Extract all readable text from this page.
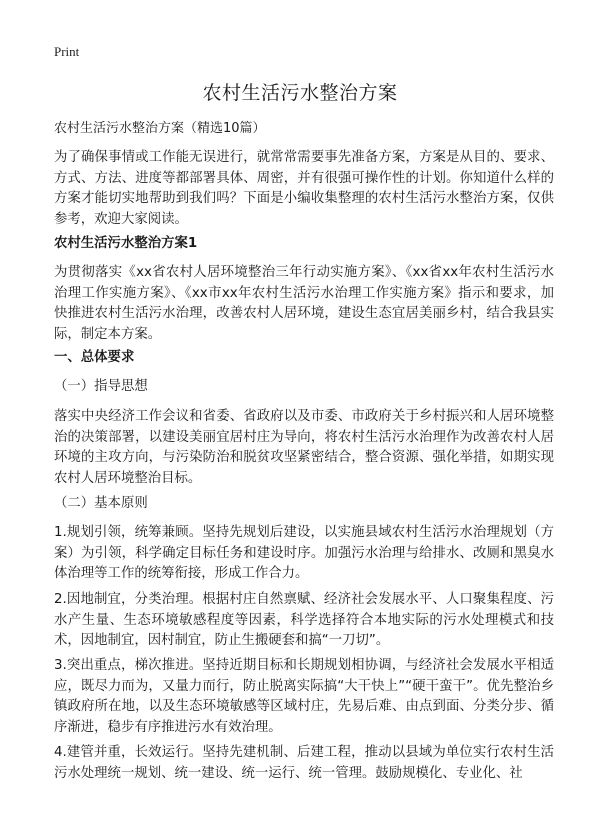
Print
农村生活污水整治方案

农村生活污水整治方案（精选10篇）

为了确保事情或工作能无误进行，就常常需要事先准备方案，方案是从目的、要求、方式、方法、进度等都部署具体、周密，并有很强可操作性的计划。你知道什么样的方案才能切实地帮助到我们吗？下面是小编收集整理的农村生活污水整治方案，仅供参考，欢迎大家阅读。

农村生活污水整治方案1

为贯彻落实《xx省农村人居环境整治三年行动实施方案》、《xx省xx年农村生活污水治理工作实施方案》、《xx市xx年农村生活污水治理工作实施方案》指示和要求，加快推进农村生活污水治理，改善农村人居环境，建设生态宜居美丽乡村，结合我县实际，制定本方案。

一、总体要求

（一）指导思想

落实中央经济工作会议和省委、省政府以及市委、市政府关于乡村振兴和人居环境整治的决策部署，以建设美丽宜居村庄为导向，将农村生活污水治理作为改善农村人居环境的主攻方向，与污染防治和脱贫攻坚紧密结合，整合资源、强化举措，如期实现农村人居环境整治目标。

（二）基本原则

1.规划引领，统筹兼顾。坚持先规划后建设，以实施县域农村生活污水治理规划（方案）为引领，科学确定目标任务和建设时序。加强污水治理与给排水、改厕和黑臭水体治理等工作的统筹衔接，形成工作合力。

2.因地制宜，分类治理。根据村庄自然禀赋、经济社会发展水平、人口聚集程度、污水产生量、生态环境敏感程度等因素，科学选择符合本地实际的污水处理模式和技术，因地制宜，因村制宜，防止生搬硬套和搞“一刀切”。

3.突出重点，梯次推进。坚持近期目标和长期规划相协调，与经济社会发展水平相适应，既尽力而为，又量力而行，防止脱离实际搞“大干快上”“硬干蛮干”。优先整治乡镇政府所在地，以及生态环境敏感等区域村庄，先易后难、由点到面、分类分步、循序渐进，稳步有序推进污水有效治理。

4.建管并重，长效运行。坚持先建机制、后建工程，推动以县域为单位实行农村生活污水处理统一规划、统一建设、统一运行、统一管理。鼓励规模化、专业化、社
